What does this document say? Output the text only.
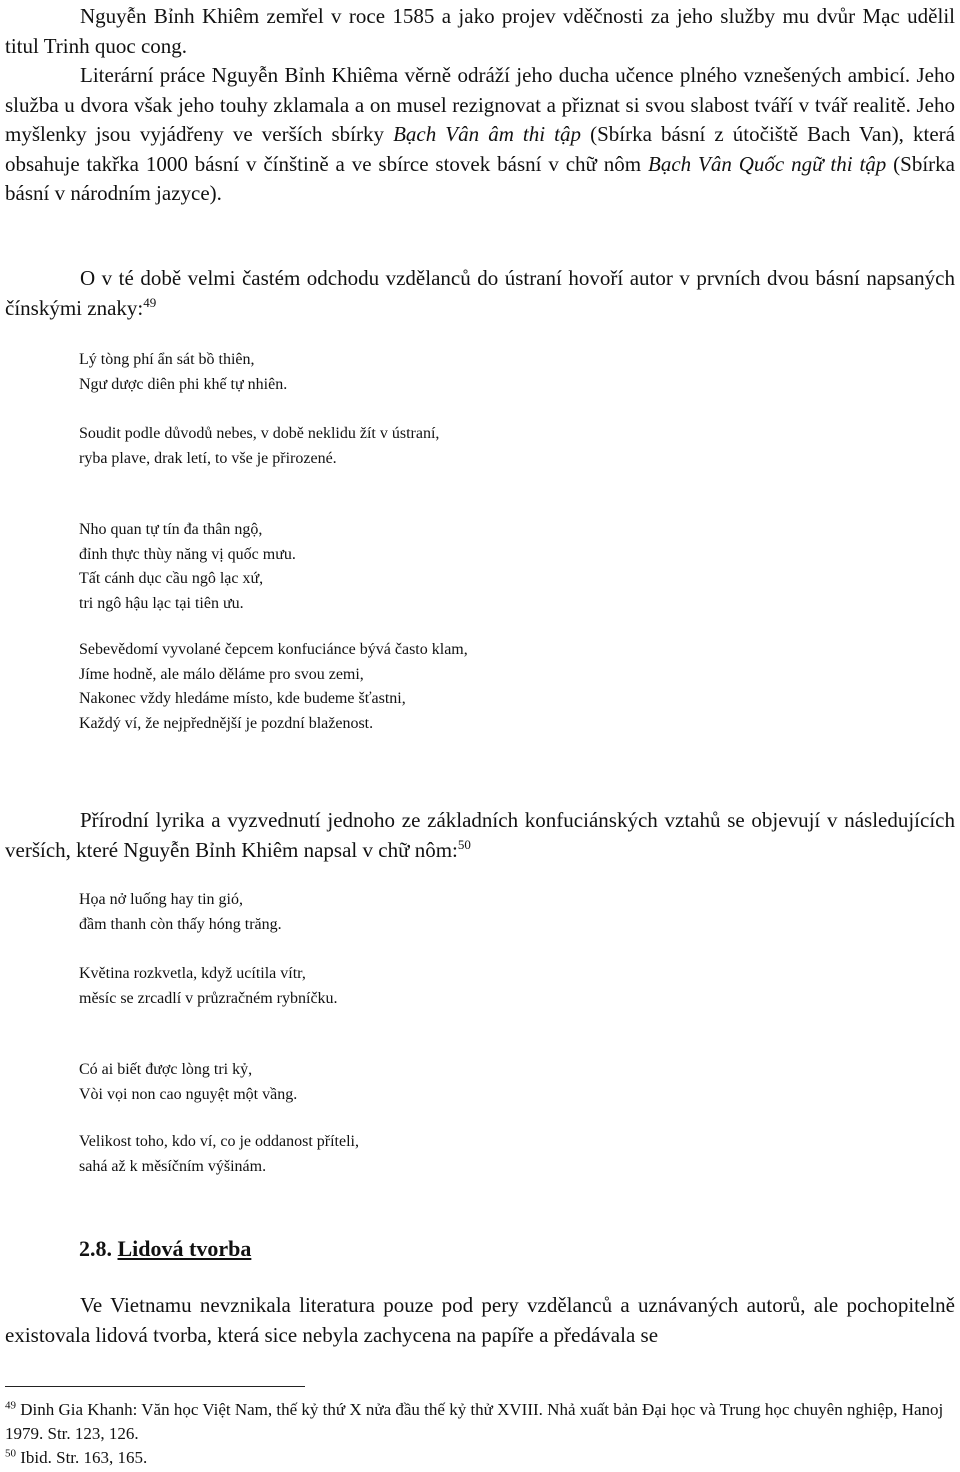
Nguyễn Bỉnh Khiêm zemřel v roce 1585 a jako projev vděčnosti za jeho služby mu dvůr Mạc udělil titul Trinh quoc cong.

Literární práce Nguyễn Bỉnh Khiêma věrně odráží jeho ducha učence plného vznešených ambicí. Jeho služba u dvora však jeho touhy zklamala a on musel rezignovat a přiznat si svou slabost tváří v tvář realitě. Jeho myšlenky jsou vyjádřeny ve verších sbírky Bạch Vân âm thi tập (Sbírka básní z útočiště Bach Van), která obsahuje takřka 1000 básní v čínštině a ve sbírce stovek básní v chữ nôm Bạch Vân Quốc ngữ thi tập (Sbírka básní v národním jazyce).

O v té době velmi častém odchodu vzdělanců do ústraní hovoří autor v prvních dvou básní napsaných čínskými znaky:$^{49}$

Lý tòng phí ẩn sát bồ thiên,
Ngư dược diên phi khế tự nhiên.
Soudit podle důvodů nebes, v době neklidu žít v ústraní,
ryba plave, drak letí, to vše je přirozené.
Nho quan tự tín đa thân ngộ,
đỉnh thực thùy năng vị quốc mưu.
Tất cánh dục cầu ngô lạc xứ,
tri ngô hậu lạc tại tiên ưu.
Sebevědomí vyvolané čepcem konfuciánce bývá často klam,
Jíme hodně, ale málo děláme pro svou zemi,
Nakonec vždy hledáme místo, kde budeme šťastni,
Každý ví, že nejpřednější je pozdní blaženost.

Přírodní lyrika a vyzvednutí jednoho ze základních konfuciánských vztahů se objevují v následujících verších, které Nguyễn Bỉnh Khiêm napsal v chữ nôm:$^{50}$

Họa nở luống hay tin gió,
đầm thanh còn thấy hóng trăng.
Květina rozkvetla, když ucítila vítr,
měsíc se zrcadlí v průzračném rybníčku.
Có ai biết được lòng tri kỷ,
Vòi vọi non cao nguyệt một vầng.
Velikost toho, kdo ví, co je oddanost příteli,
sahá až k měsíčním výšinám.
2.8. Lidová tvorba

Ve Vietnamu nevznikala literatura pouze pod pery vzdělanců a uznávaných autorů, ale pochopitelně existovala lidová tvorba, která sice nebyla zachycena na papíře a předávala se

$^{49}$ Dinh Gia Khanh: Văn học Việt Nam, thế kỷ thứ X nửa đầu thế kỷ thử XVIII. Nhả xuất bản Đại học và Trung học chuyên nghiệp, Hanoj 1979. Str. 123, 126.

$^{50}$ Ibid. Str. 163, 165.
